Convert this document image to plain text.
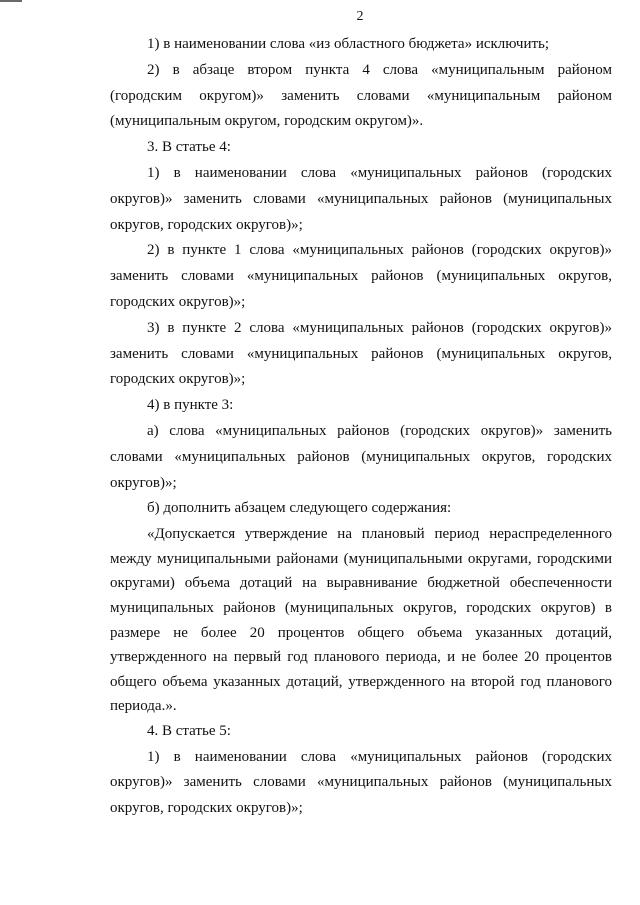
2

1) в наименовании слова «из областного бюджета» исключить;

2) в абзаце втором пункта 4 слова «муниципальным районом (городским округом)» заменить словами «муниципальным районом (муниципальным округом, городским округом)».

3. В статье 4:

1) в наименовании слова «муниципальных районов (городских округов)» заменить словами «муниципальных районов (муниципальных округов, городских округов)»;

2) в пункте 1 слова «муниципальных районов (городских округов)» заменить словами «муниципальных районов (муниципальных округов, городских округов)»;

3) в пункте 2 слова «муниципальных районов (городских округов)» заменить словами «муниципальных районов (муниципальных округов, городских округов)»;

4) в пункте 3:

а) слова «муниципальных районов (городских округов)» заменить словами «муниципальных районов (муниципальных округов, городских округов)»;

б) дополнить абзацем следующего содержания:

«Допускается утверждение на плановый период нераспределенного между муниципальными районами (муниципальными округами, городскими округами) объема дотаций на выравнивание бюджетной обеспеченности муниципальных районов (муниципальных округов, городских округов) в размере не более 20 процентов общего объема указанных дотаций, утвержденного на первый год планового периода, и не более 20 процентов общего объема указанных дотаций, утвержденного на второй год планового периода.».

4. В статье 5:

1) в наименовании слова «муниципальных районов (городских округов)» заменить словами «муниципальных районов (муниципальных округов, городских округов)»;
